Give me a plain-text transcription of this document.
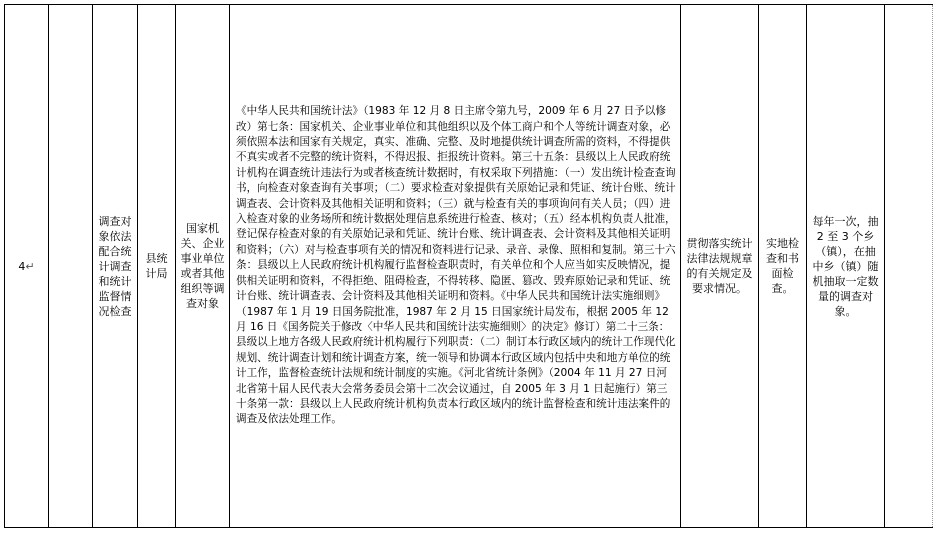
4↵		调查对象依法配合统计调查和统计监督情况检查	县统计局	国家机关、企业事业单位或者其他组织等调查对象	《中华人民共和国统计法》（1983 年 12 月 8 日主席令第九号，2009 年 6 月 27 日予以修改）第七条：国家机关、企业事业单位和其他组织以及个体工商户和个人等统计调查对象，必须依照本法和国家有关规定，真实、准确、完整、及时地提供统计调查所需的资料，不得提供不真实或者不完整的统计资料，不得迟报、拒报统计资料。第三十五条：县级以上人民政府统计机构在调查统计违法行为或者核查统计数据时，有权采取下列措施：（一）发出统计检查查询书，向检查对象查询有关事项；（二）要求检查对象提供有关原始记录和凭证、统计台账、统计调查表、会计资料及其他相关证明和资料；（三）就与检查有关的事项询问有关人员；（四）进入检查对象的业务场所和统计数据处理信息系统进行检查、核对；（五）经本机构负责人批准，登记保存检查对象的有关原始记录和凭证、统计台账、统计调查表、会计资料及其他相关证明和资料；（六）对与检查事项有关的情况和资料进行记录、录音、录像、照相和复制。第三十六条：县级以上人民政府统计机构履行监督检查职责时，有关单位和个人应当如实反映情况，提供相关证明和资料，不得拒绝、阻碍检查，不得转移、隐匿、篡改、毁弃原始记录和凭证、统计台账、统计调查表、会计资料及其他相关证明和资料。《中华人民共和国统计法实施细则》（1987 年 1 月 19 日国务院批准，1987 年 2 月 15 日国家统计局发布，根据 2005 年 12 月 16 日《国务院关于修改〈中华人民共和国统计法实施细则〉的决定》修订）第二十三条：县级以上地方各级人民政府统计机构履行下列职责：（二）制订本行政区域内的统计工作现代化规划、统计调查计划和统计调查方案，统一领导和协调本行政区域内包括中央和地方单位的统计工作，监督检查统计法规和统计制度的实施。《河北省统计条例》（2004 年 11 月 27 日河北省第十届人民代表大会常务委员会第十二次会议通过，自 2005 年 3 月 1 日起施行）第三十条第一款：县级以上人民政府统计机构负责本行政区域内的统计监督检查和统计违法案件的调查及依法处理工作。	贯彻落实统计法律法规规章的有关规定及要求情况。	实地检查和书面检查。	每年一次，抽 2 至 3 个乡（镇），在抽中乡（镇）随机抽取一定数量的调查对象。	
